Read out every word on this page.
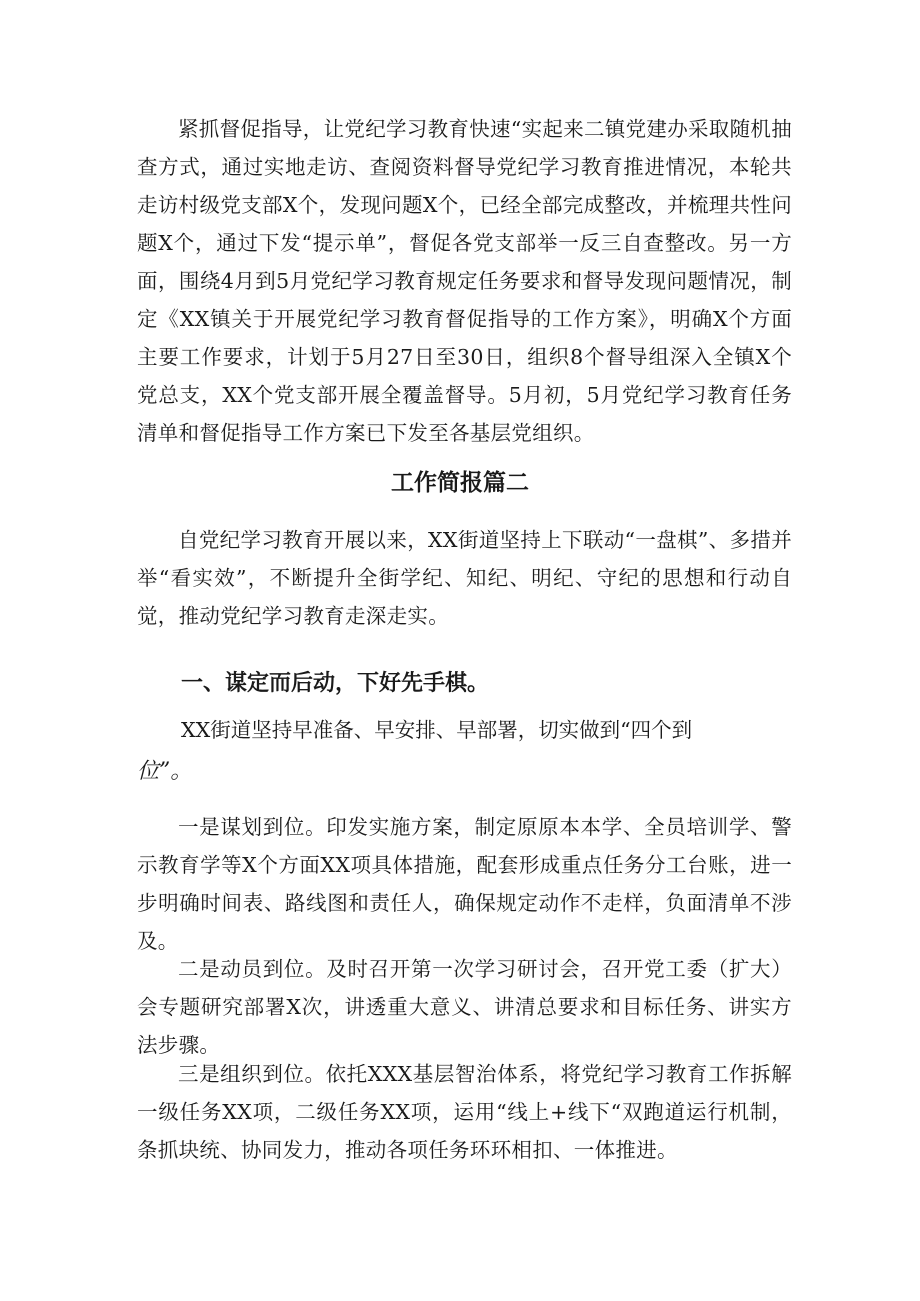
紧抓督促指导，让党纪学习教育快速“实起来二镇党建办采取随机抽查方式，通过实地走访、查阅资料督导党纪学习教育推进情况，本轮共走访村级党支部X个，发现问题X个，已经全部完成整改，并梳理共性问题X个，通过下发“提示单”，督促各党支部举一反三自查整改。另一方面，围绕4月到5月党纪学习教育规定任务要求和督导发现问题情况，制定《XX镇关于开展党纪学习教育督促指导的工作方案》，明确X个方面主要工作要求，计划于5月27日至30日，组织8个督导组深入全镇X个党总支，XX个党支部开展全覆盖督导。5月初，5月党纪学习教育任务清单和督促指导工作方案已下发至各基层党组织。

工作简报篇二

自党纪学习教育开展以来，XX街道坚持上下联动“一盘棋”、多措并举“看实效”，不断提升全街学纪、知纪、明纪、守纪的思想和行动自觉，推动党纪学习教育走深走实。

一、谋定而后动，下好先手棋。

XX街道坚持早准备、早安排、早部署，切实做到“四个到

位”。

一是谋划到位。印发实施方案，制定原原本本学、全员培训学、警示教育学等X个方面XX项具体措施，配套形成重点任务分工台账，进一步明确时间表、路线图和责任人，确保规定动作不走样，负面清单不涉及。

二是动员到位。及时召开第一次学习研讨会，召开党工委（扩大）会专题研究部署X次，讲透重大意义、讲清总要求和目标任务、讲实方法步骤。

三是组织到位。依托XXX基层智治体系，将党纪学习教育工作拆解一级任务XX项，二级任务XX项，运用“线上+线下“双跑道运行机制，条抓块统、协同发力，推动各项任务环环相扣、一体推进。
